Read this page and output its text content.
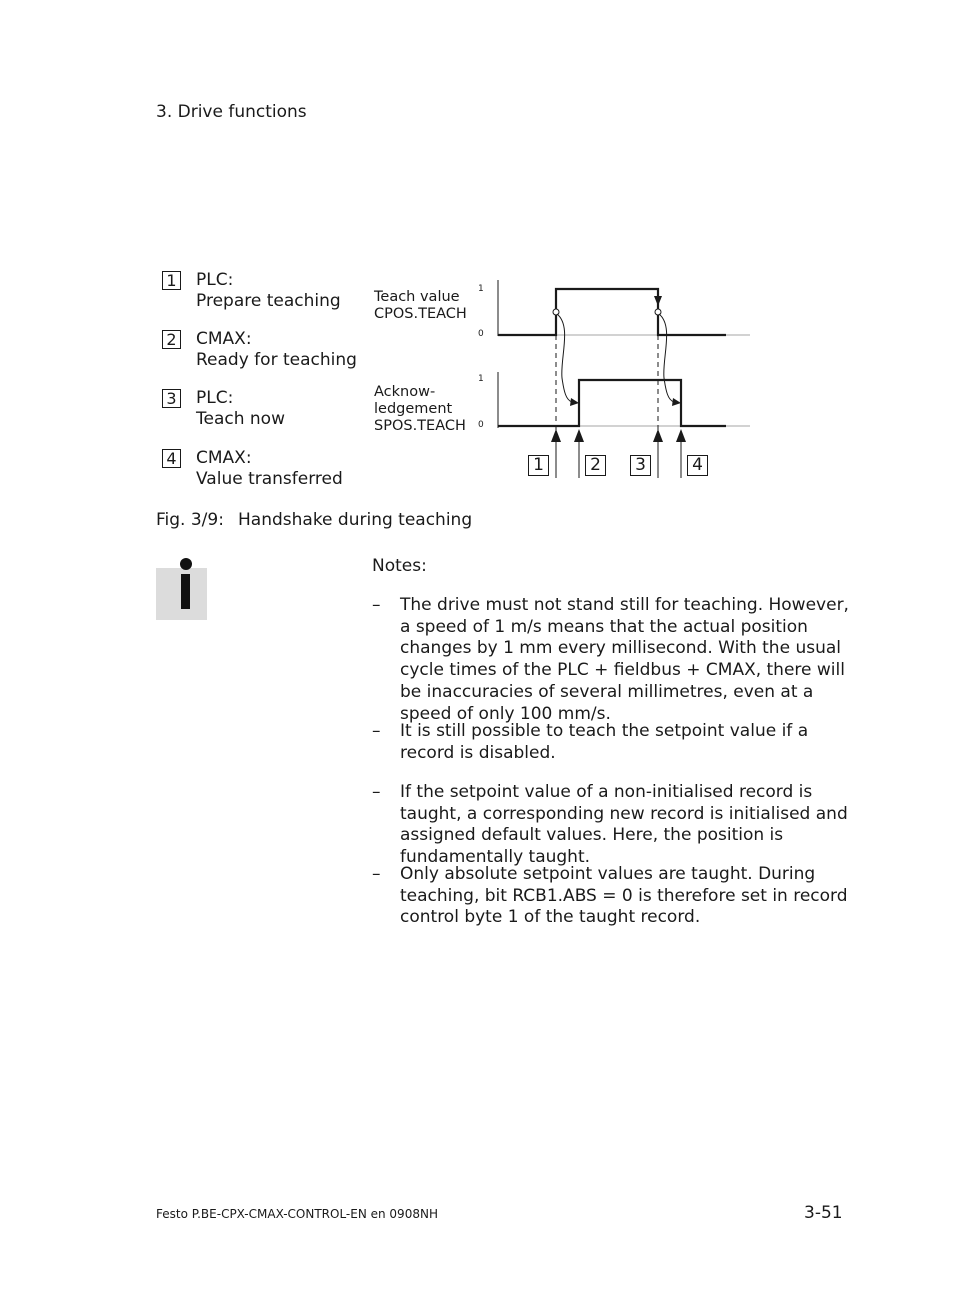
3. Drive functions
1 PLC:
Prepare teaching
2 CMAX:
Ready for teaching
3 PLC:
Teach now
4 CMAX:
Value transferred
Teach value
CPOS.TEACH
Acknow-
ledgement
SPOS.TEACH
1
0
1
0
1	2 3	4
Fig. 3/9: Handshake during teaching
Notes:
– The drive must not stand still for teaching. However, a speed of 1 m/s means that the actual position changes by 1 mm every millisecond. With the usual cycle times of the PLC + fieldbus + CMAX, there will be inaccuracies of several millimetres, even at a speed of only 100 mm/s.
– It is still possible to teach the setpoint value if a record is disabled.
– If the setpoint value of a non-initialised record is taught, a corresponding new record is initialised and assigned default values. Here, the position is fundamentally taught.
– Only absolute setpoint values are taught. During teaching, bit RCB1.ABS = 0 is therefore set in record control byte 1 of the taught record.
Festo P.BE-CPX-CMAX-CONTROL-EN en 0908NH	3-51
